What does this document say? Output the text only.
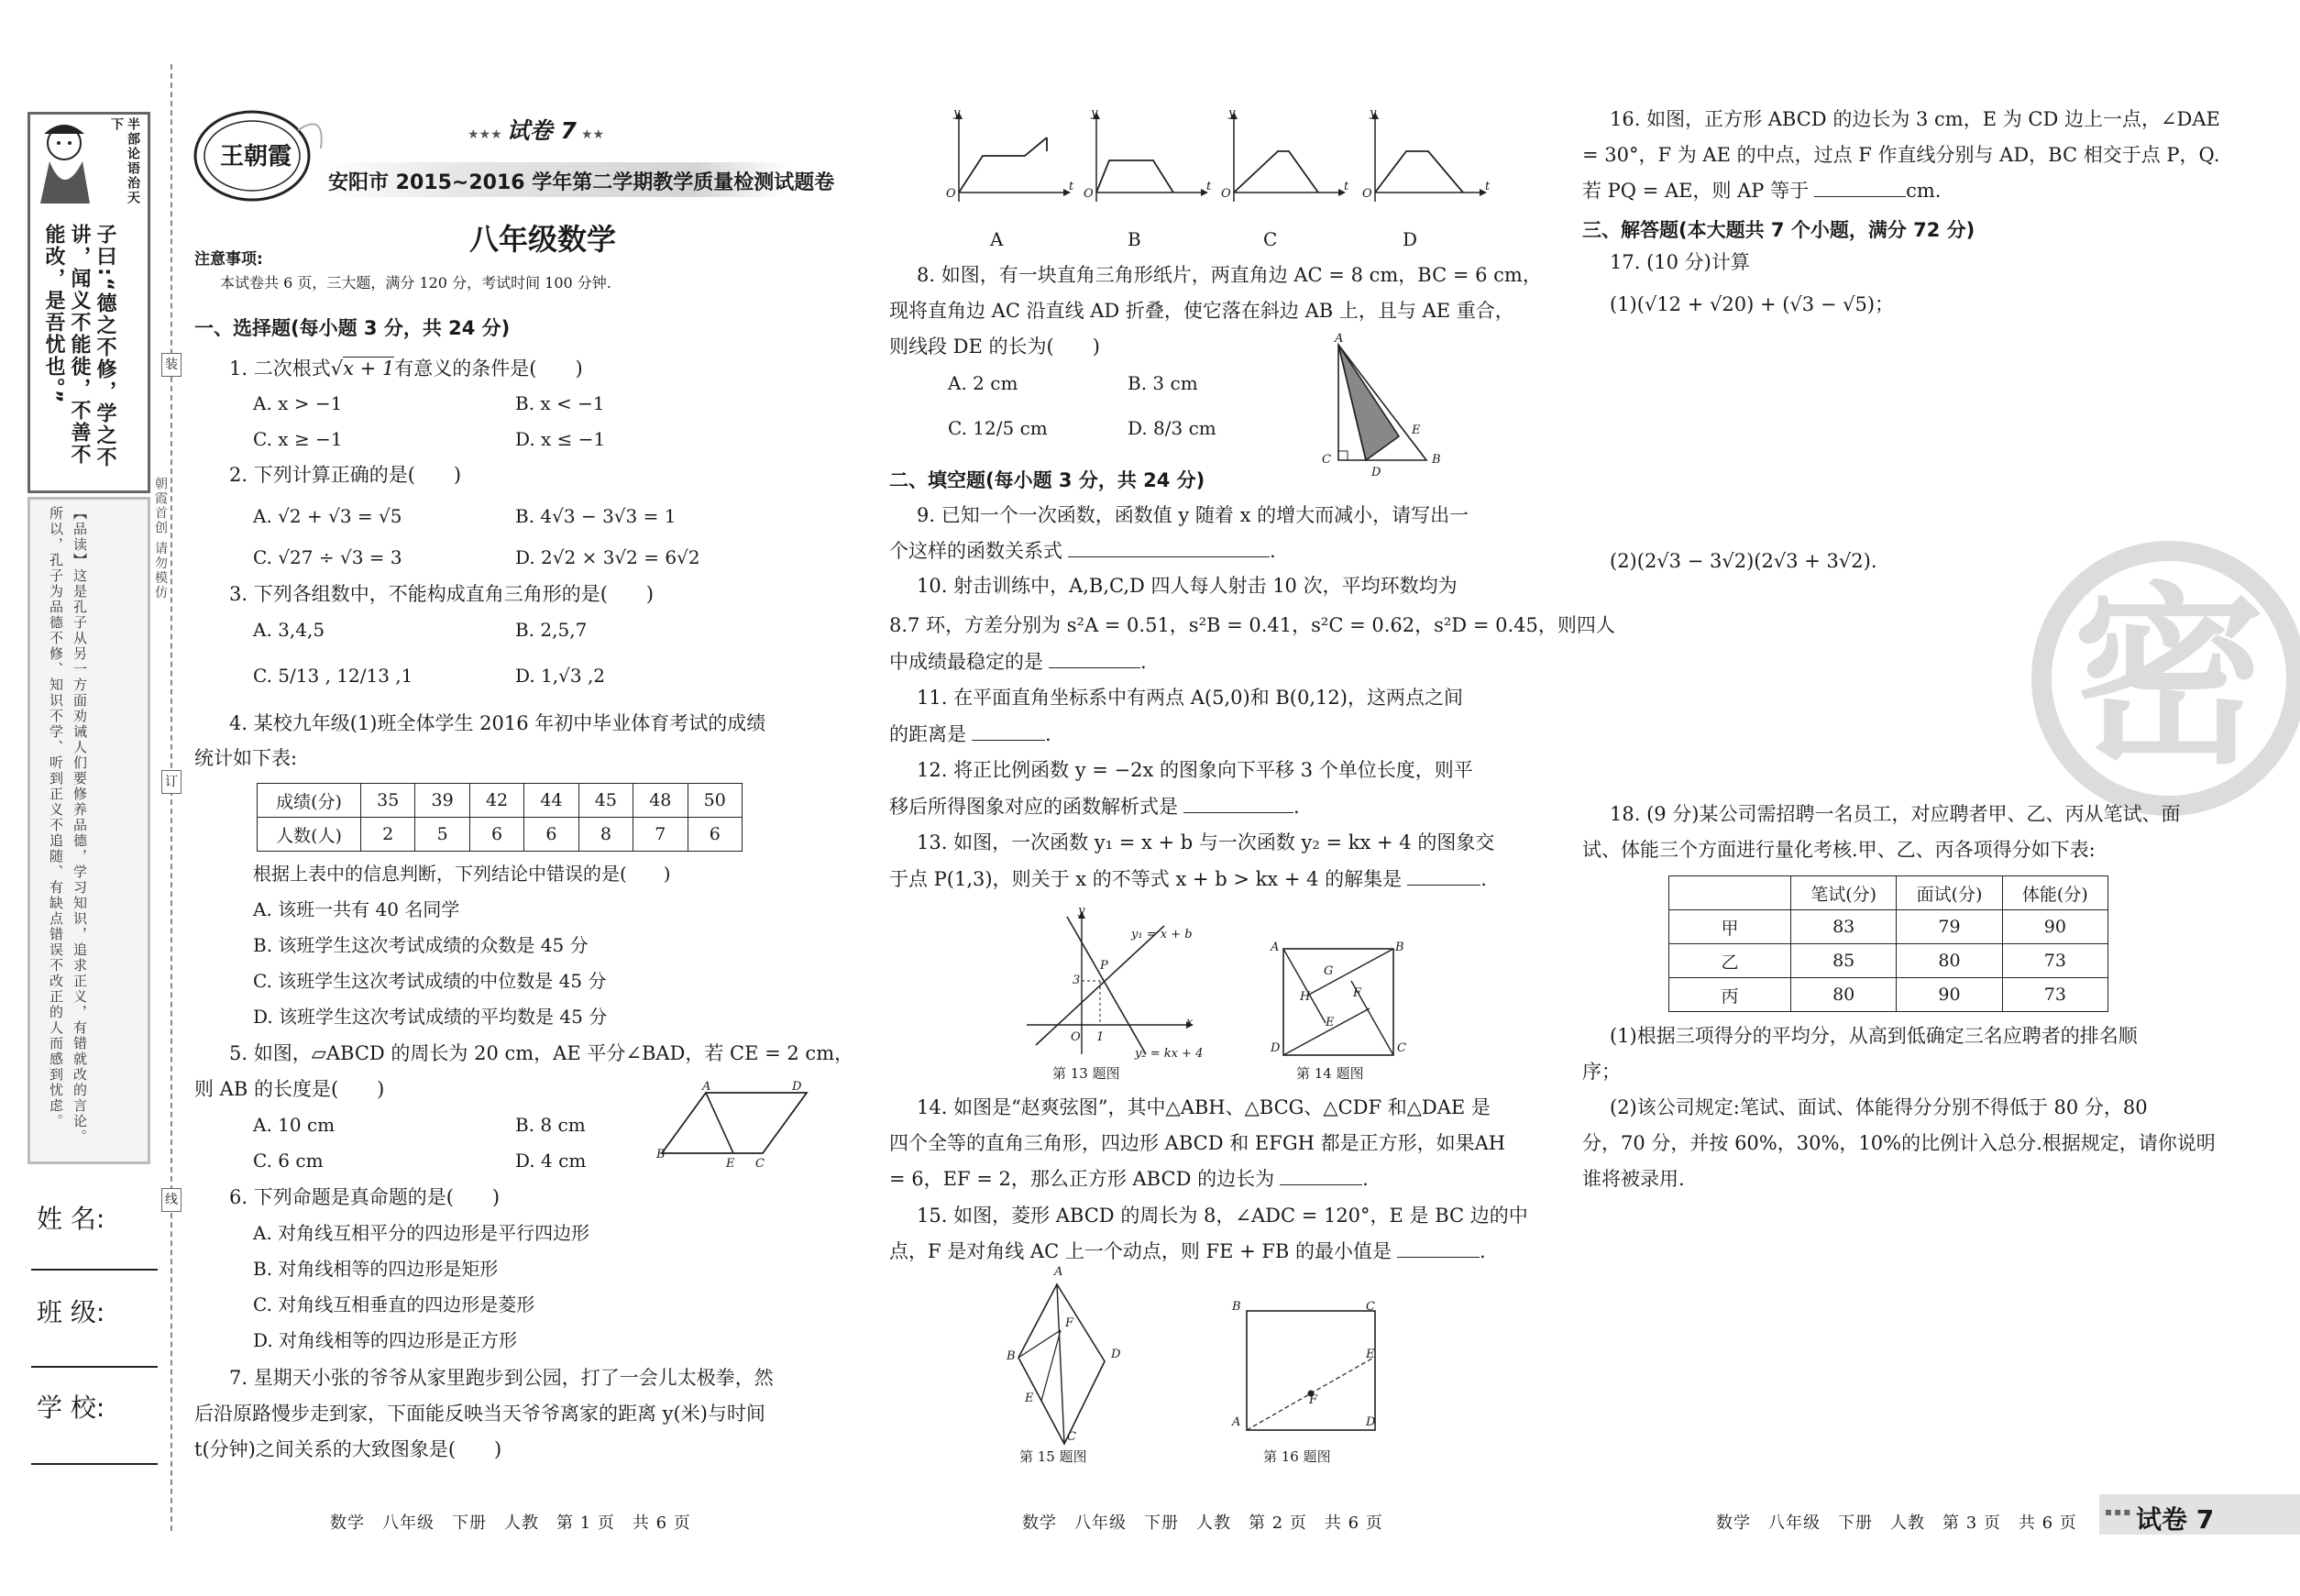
半部论语治天下
子曰:“德之不修，学之不讲，闻义不能徙，不善不能改，是吾忧也。”
【品读】这是孔子从另一方面劝诫人们要修养品德，学习知识，追求正义，有错就改的言论。所以，孔子为品德不修、知识不学、听到正义不追随、有缺点错误不改正的人而感到忧虑。	朝霞首创 请勿模仿
装
订
线
姓 名:
班 级:
学 校:
王朝霞
★★★ 试卷 7 ★★
安阳市 2015~2016 学年第二学期教学质量检测试题卷
八年级数学
注意事项:
本试卷共 6 页，三大题，满分 120 分，考试时间 100 分钟.
一、选择题(每小题 3 分，共 24 分)
1. 二次根式√x + 1有意义的条件是(　　)
A. x > −1	B. x < −1
C. x ≥ −1	D. x ≤ −1
2. 下列计算正确的是(　　)
A. √2 + √3 = √5	B. 4√3 − 3√3 = 1
C. √27 ÷ √3 = 3	D. 2√2 × 3√2 = 6√2
3. 下列各组数中，不能构成直角三角形的是(　　)
A. 3,4,5	B. 2,5,7
C. 5/13 , 12/13 ,1	D. 1,√3 ,2
4. 某校九年级(1)班全体学生 2016 年初中毕业体育考试的成绩
统计如下表:
成绩(分)	35	39	42	44	45	48	50
人数(人)	2	5	6	6	8	7	6
根据上表中的信息判断，下列结论中错误的是(　　)
A. 该班一共有 40 名同学
B. 该班学生这次考试成绩的众数是 45 分
C. 该班学生这次考试成绩的中位数是 45 分
D. 该班学生这次考试成绩的平均数是 45 分
5. 如图，▱ABCD 的周长为 20 cm，AE 平分∠BAD，若 CE = 2 cm，
则 AB 的长度是(　　)
A. 10 cm	B. 8 cm
C. 6 cm	D. 4 cm
A	D
B
E C
6. 下列命题是真命题的是(　　)
A. 对角线互相平分的四边形是平行四边形
B. 对角线相等的四边形是矩形
C. 对角线互相垂直的四边形是菱形
D. 对角线相等的四边形是正方形
7. 星期天小张的爷爷从家里跑步到公园，打了一会儿太极拳，然
后沿原路慢步走到家，下面能反映当天爷爷离家的距离 y(米)与时间
t(分钟)之间关系的大致图象是(　　)
数学　八年级　下册　人教　第 1 页　共 6 页
y
O
t
y
O
t
y
O
t
y
O
t
A	B	C	D
8. 如图，有一块直角三角形纸片，两直角边 AC = 8 cm，BC = 6 cm，
现将直角边 AC 沿直线 AD 折叠，使它落在斜边 AB 上，且与 AE 重合，
则线段 DE 的长为(　　)
A. 2 cm	B. 3 cm
C. 12/5 cm	D. 8/3 cm
A
E
C
D
B
二、填空题(每小题 3 分，共 24 分)
9. 已知一个一次函数，函数值 y 随着 x 的增大而减小，请写出一
个这样的函数关系式	.
10. 射击训练中，A,B,C,D 四人每人射击 10 次，平均环数均为
8.7 环，方差分别为 s²A = 0.51，s²B = 0.41，s²C = 0.62，s²D = 0.45，则四人
中成绩最稳定的是	.
11. 在平面直角坐标系中有两点 A(5,0)和 B(0,12)，这两点之间
的距离是	.
12. 将正比例函数 y = −2x 的图象向下平移 3 个单位长度，则平
移后所得图象对应的函数解析式是	.
13. 如图，一次函数 y₁ = x + b 与一次函数 y₂ = kx + 4 的图象交
于点 P(1,3)，则关于 x 的不等式 x + b > kx + 4 的解集是	.
y
y₁ = x + b
P
3
x
O 1
y₂ = kx + 4
第 13 题图
A	B
C
D
G
H	F
E
第 14 题图
14. 如图是“赵爽弦图”，其中△ABH、△BCG、△CDF 和△DAE 是
四个全等的直角三角形，四边形 ABCD 和 EFGH 都是正方形，如果AH
= 6，EF = 2，那么正方形 ABCD 的边长为	.
15. 如图，菱形 ABCD 的周长为 8，∠ADC = 120°，E 是 BC 边的中
点，F 是对角线 AC 上一个动点，则 FE + FB 的最小值是	.
A
F
B	D
E
C
第 15 题图
B	C
E
F
A	D
第 16 题图
数学　八年级　下册　人教　第 2 页　共 6 页
密
16. 如图，正方形 ABCD 的边长为 3 cm，E 为 CD 边上一点，∠DAE
= 30°，F 为 AE 的中点，过点 F 作直线分别与 AD，BC 相交于点 P，Q.
若 PQ = AE，则 AP 等于	cm.
三、解答题(本大题共 7 个小题，满分 72 分)
17. (10 分)计算
(1)(√12 + √20) + (√3 − √5)；
(2)(2√3 − 3√2)(2√3 + 3√2).
18. (9 分)某公司需招聘一名员工，对应聘者甲、乙、丙从笔试、面
试、体能三个方面进行量化考核.甲、乙、丙各项得分如下表:
	笔试(分)	面试(分)	体能(分)
甲	83	79	90
乙	85	80	73
丙	80	90	73
(1)根据三项得分的平均分，从高到低确定三名应聘者的排名顺
序；
(2)该公司规定:笔试、面试、体能得分分别不得低于 80 分，80
分，70 分，并按 60%，30%，10%的比例计入总分.根据规定，请你说明
谁将被录用.
数学　八年级　下册　人教　第 3 页　共 6 页
▪▪▪ 试卷 7
